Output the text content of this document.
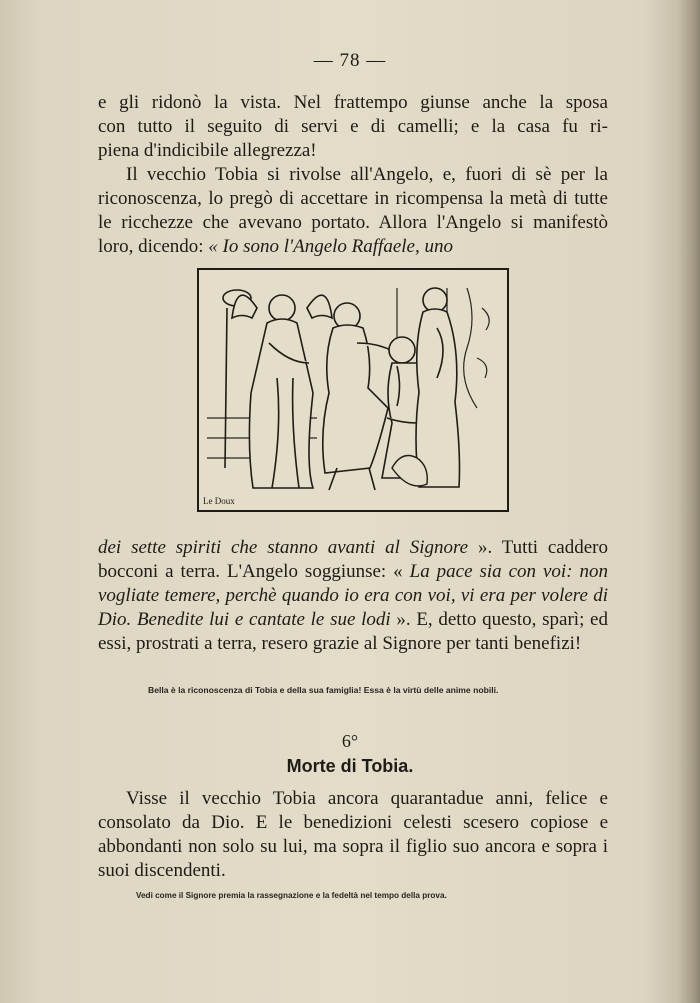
— 78 —

e gli ridonò la vista. Nel frattempo giunse anche la sposa
con tutto il seguito di servi e di camelli; e la casa fu ri-
piena d'indicibile allegrezza!

Il vecchio Tobia si rivolse all'Angelo, e, fuori di sè per la riconoscenza, lo pregò di accettare in ricompensa la metà di tutte le ricchezze che avevano portato. Allora l'Angelo si manifestò loro, dicendo: « Io sono l'Angelo Raffaele, uno

Le Doux

dei sette spiriti che stanno avanti al Signore ». Tutti caddero bocconi a terra. L'Angelo soggiunse: « La pace sia con voi: non vogliate temere, perchè quando io era con voi, vi era per volere di Dio. Benedite lui e cantate le sue lodi ». E, detto questo, sparì; ed essi, prostrati a terra, resero grazie al Signore per tanti benefizi!

Bella è la riconoscenza di Tobia e della sua famiglia! Essa è la virtù delle anime nobili.
6°
Morte di Tobia.

Visse il vecchio Tobia ancora quarantadue anni, felice e consolato da Dio. E le benedizioni celesti scesero copiose e abbondanti non solo su lui, ma sopra il figlio suo ancora e sopra i suoi discendenti.

Vedi come il Signore premia la rassegnazione e la fedeltà nel tempo della prova.
